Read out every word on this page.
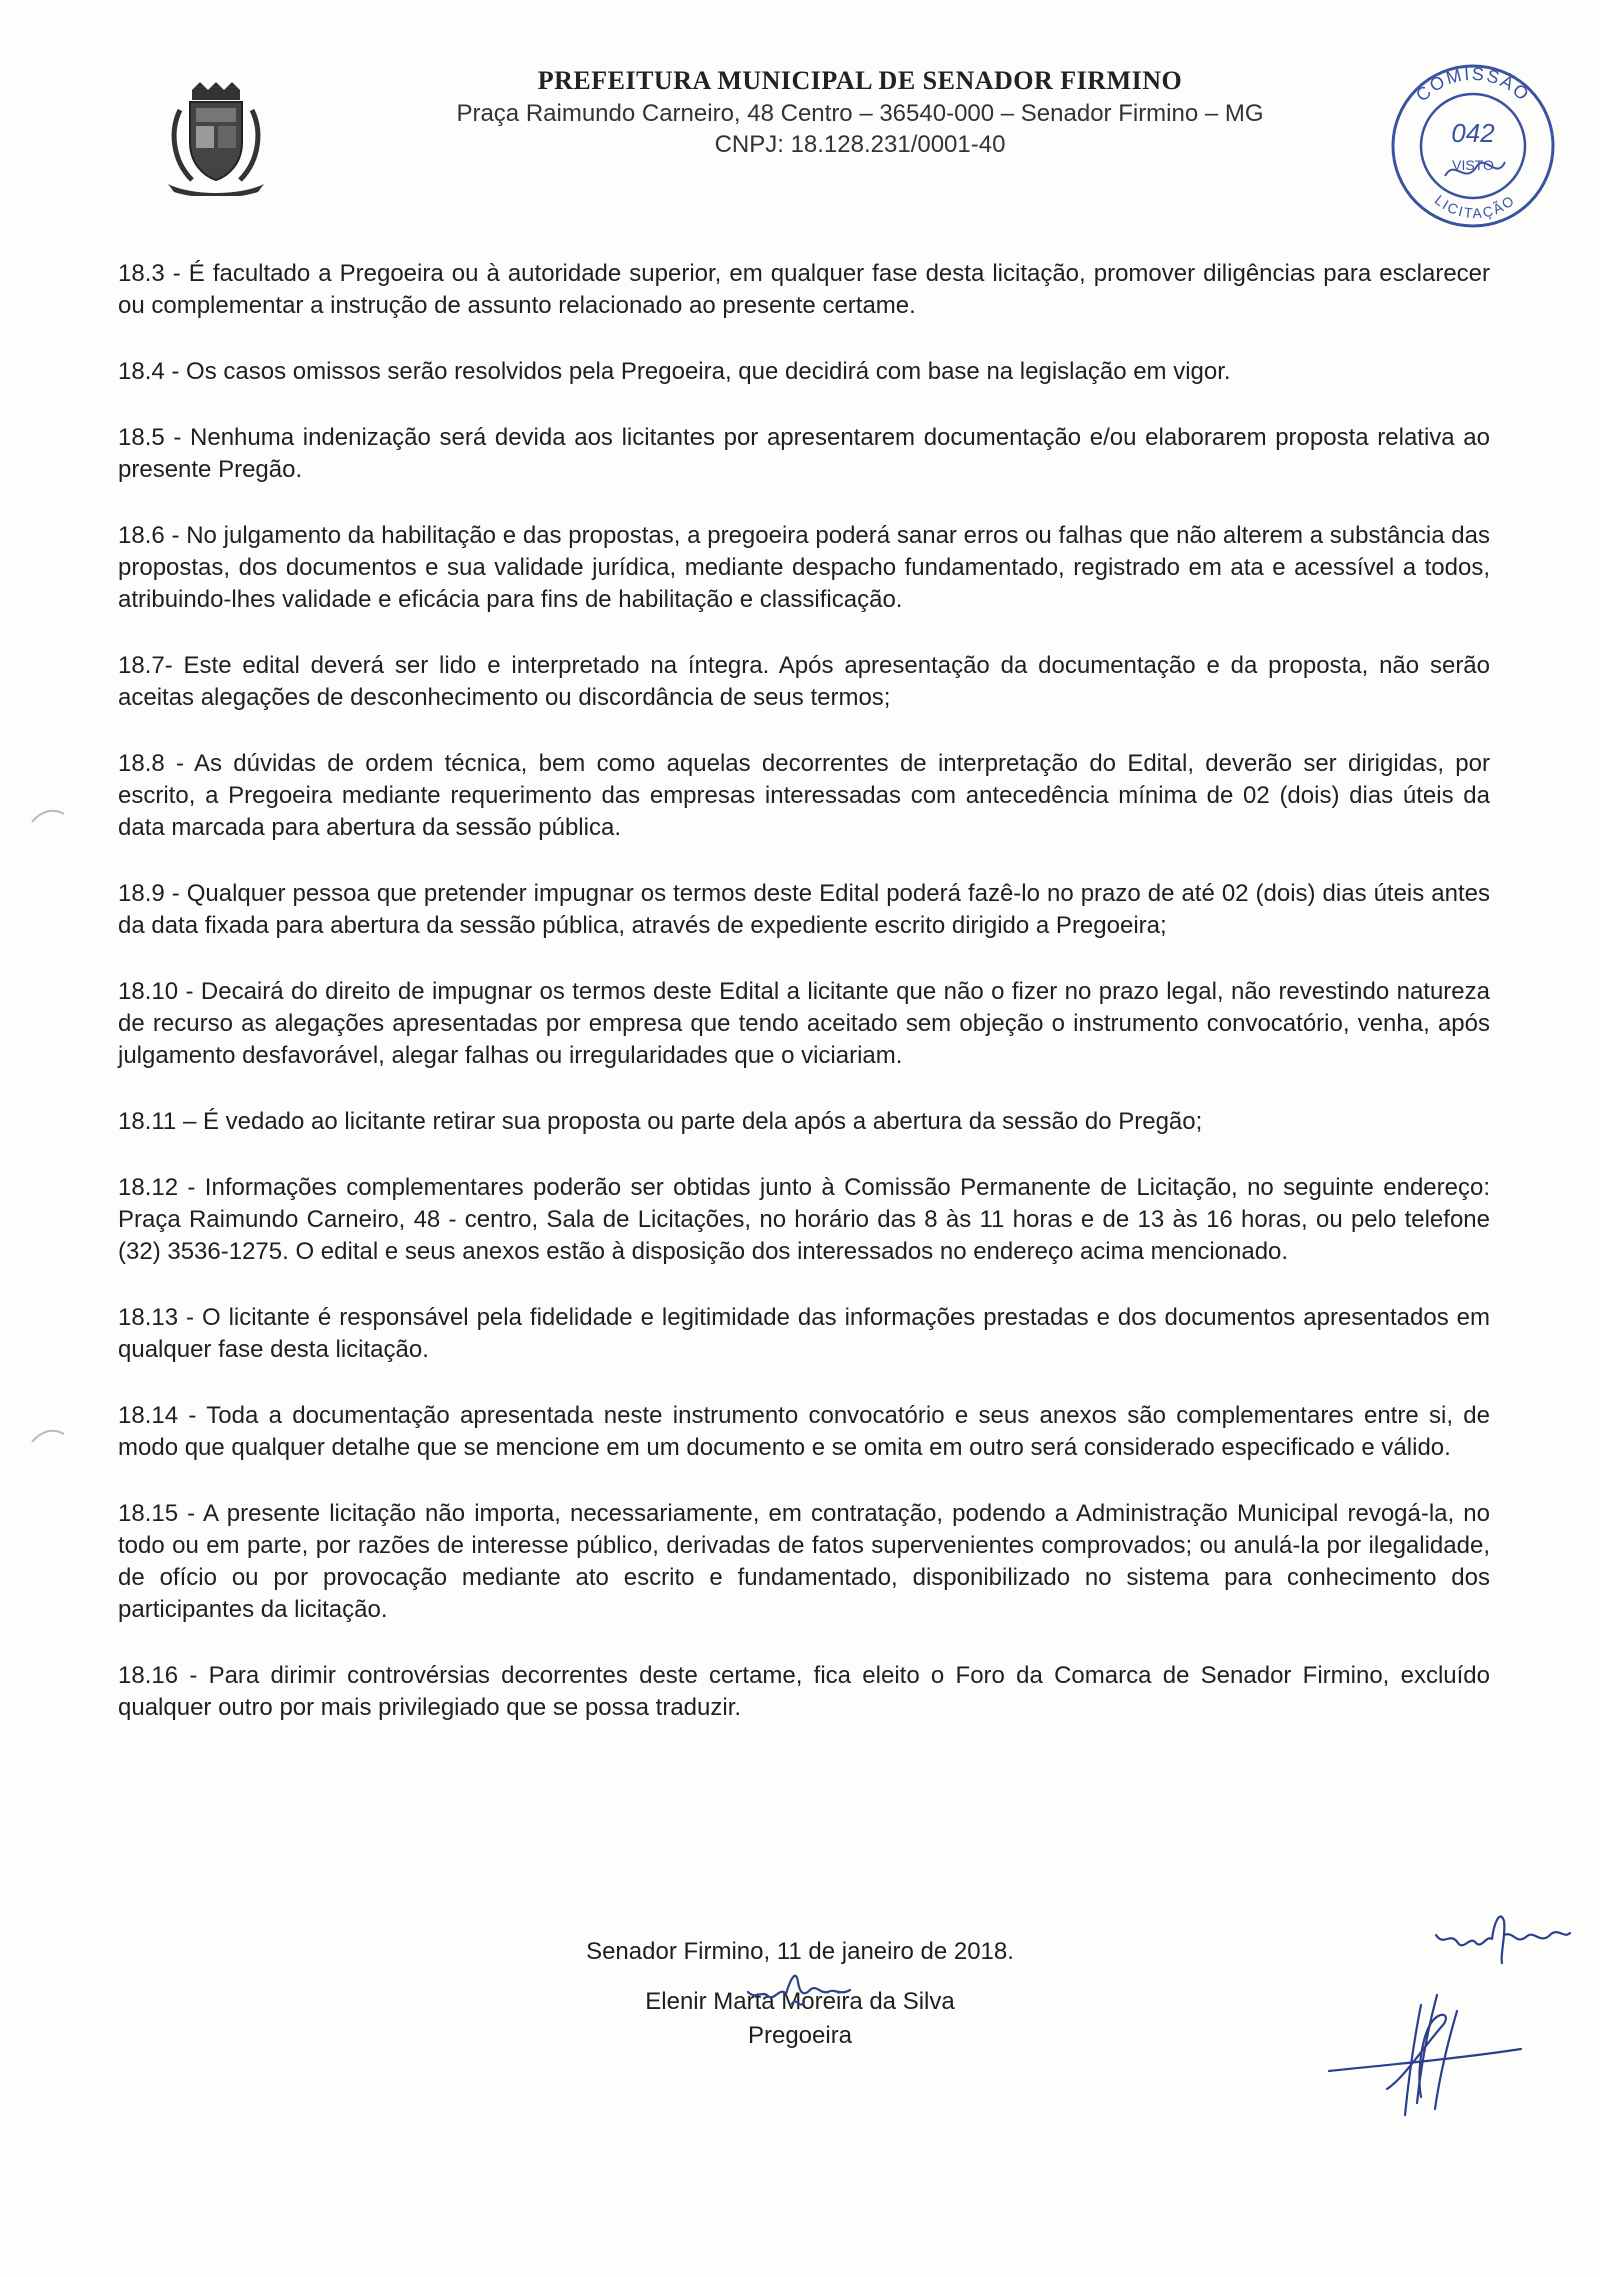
PREFEITURA MUNICIPAL DE SENADOR FIRMINO

Praça Raimundo Carneiro, 48 Centro – 36540-000 – Senador Firmino – MG

CNPJ: 18.128.231/0001-40

COMISSÃO
042
VISTO
LICITAÇÃO

18.3 - É facultado a Pregoeira ou à autoridade superior, em qualquer fase desta licitação, promover diligências para esclarecer ou complementar a instrução de assunto relacionado ao presente certame.

18.4 - Os casos omissos serão resolvidos pela Pregoeira, que decidirá com base na legislação em vigor.

18.5 - Nenhuma indenização será devida aos licitantes por apresentarem documentação e/ou elaborarem proposta relativa ao presente Pregão.

18.6 - No julgamento da habilitação e das propostas, a pregoeira poderá sanar erros ou falhas que não alterem a substância das propostas, dos documentos e sua validade jurídica, mediante despacho fundamentado, registrado em ata e acessível a todos, atribuindo-lhes validade e eficácia para fins de habilitação e classificação.

18.7- Este edital deverá ser lido e interpretado na íntegra. Após apresentação da documentação e da proposta, não serão aceitas alegações de desconhecimento ou discordância de seus termos;

18.8 - As dúvidas de ordem técnica, bem como aquelas decorrentes de interpretação do Edital, deverão ser dirigidas, por escrito, a Pregoeira mediante requerimento das empresas interessadas com antecedência mínima de 02 (dois) dias úteis da data marcada para abertura da sessão pública.

18.9 - Qualquer pessoa que pretender impugnar os termos deste Edital poderá fazê-lo no prazo de até 02 (dois) dias úteis antes da data fixada para abertura da sessão pública, através de expediente escrito dirigido a Pregoeira;

18.10 - Decairá do direito de impugnar os termos deste Edital a licitante que não o fizer no prazo legal, não revestindo natureza de recurso as alegações apresentadas por empresa que tendo aceitado sem objeção o instrumento convocatório, venha, após julgamento desfavorável, alegar falhas ou irregularidades que o viciariam.

18.11 – É vedado ao licitante retirar sua proposta ou parte dela após a abertura da sessão do Pregão;

18.12 - Informações complementares poderão ser obtidas junto à Comissão Permanente de Licitação, no seguinte endereço: Praça Raimundo Carneiro, 48 - centro, Sala de Licitações, no horário das 8 às 11 horas e de 13 às 16 horas, ou pelo telefone (32) 3536-1275. O edital e seus anexos estão à disposição dos interessados no endereço acima mencionado.

18.13 - O licitante é responsável pela fidelidade e legitimidade das informações prestadas e dos documentos apresentados em qualquer fase desta licitação.

18.14 - Toda a documentação apresentada neste instrumento convocatório e seus anexos são complementares entre si, de modo que qualquer detalhe que se mencione em um documento e se omita em outro será considerado especificado e válido.

18.15 - A presente licitação não importa, necessariamente, em contratação, podendo a Administração Municipal revogá-la, no todo ou em parte, por razões de interesse público, derivadas de fatos supervenientes comprovados; ou anulá-la por ilegalidade, de ofício ou por provocação mediante ato escrito e fundamentado, disponibilizado no sistema para conhecimento dos participantes da licitação.

18.16 - Para dirimir controvérsias decorrentes deste certame, fica eleito o Foro da Comarca de Senador Firmino, excluído qualquer outro por mais privilegiado que se possa traduzir.

Senador Firmino, 11 de janeiro de 2018.

Elenir Marta Moreira da Silva

Pregoeira
